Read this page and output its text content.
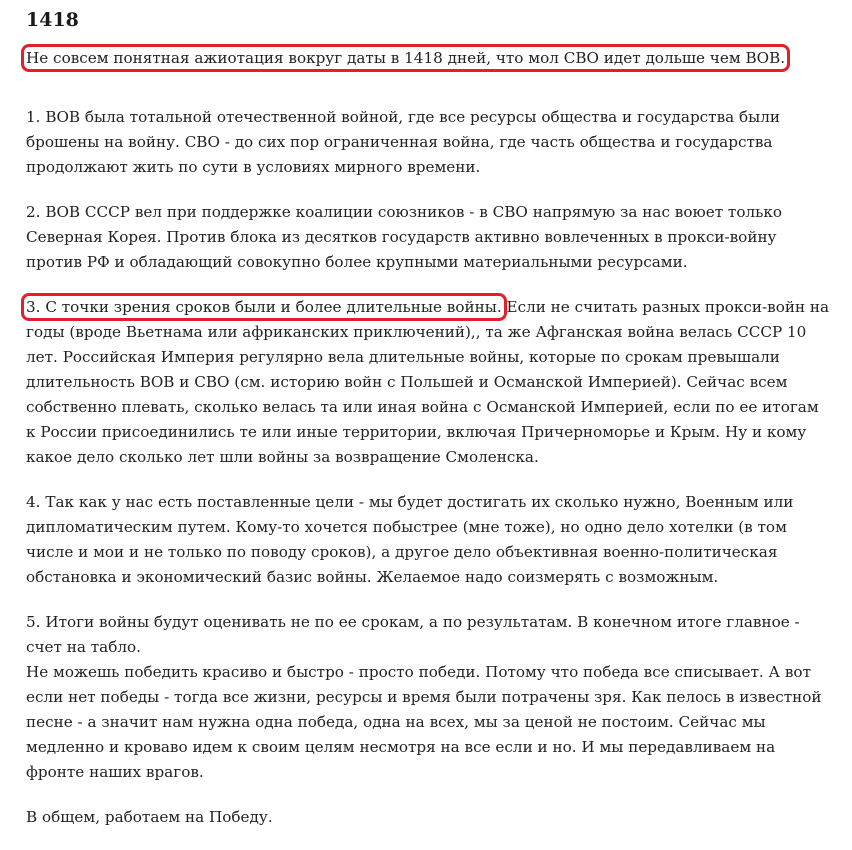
1418

Не совсем понятная ажиотация вокруг даты в 1418 дней, что мол СВО идет дольше чем ВОВ.

1. ВОВ была тотальной отечественной войной, где все ресурсы общества и государства были брошены на войну. СВО - до сих пор ограниченная война, где часть общества и государства продолжают жить по сути в условиях мирного времени.

2. ВОВ СССР вел при поддержке коалиции союзников - в СВО напрямую за нас воюет только Северная Корея. Против блока из десятков государств активно вовлеченных в прокси-войну против РФ и обладающий совокупно более крупными материальными ресурсами.

3. С точки зрения сроков были и более длительные войны. Если не считать разных прокси-войн на годы (вроде Вьетнама или африканских приключений),, та же Афганская война велась СССР 10 лет. Российская Империя регулярно вела длительные войны, которые по срокам превышали длительность ВОВ и СВО (см. историю войн с Польшей и Османской Империей). Сейчас всем собственно плевать, сколько велась та или иная война с Османской Империей, если по ее итогам к России присоединились те или иные территории, включая Причерноморье и Крым. Ну и кому какое дело сколько лет шли войны за возвращение Смоленска.

4. Так как у нас есть поставленные цели - мы будет достигать их сколько нужно, Военным или дипломатическим путем. Кому-то хочется побыстрее (мне тоже), но одно дело хотелки (в том числе и мои и не только по поводу сроков), а другое дело объективная военно-политическая обстановка и экономический базис войны. Желаемое надо соизмерять с возможным.

5. Итоги войны будут оценивать не по ее срокам, а по результатам. В конечном итоге главное - счет на табло.

Не можешь победить красиво и быстро - просто победи. Потому что победа все списывает. А вот если нет победы - тогда все жизни, ресурсы и время были потрачены зря. Как пелось в известной песне - а значит нам нужна одна победа, одна на всех, мы за ценой не постоим. Сейчас мы медленно и кроваво идем к своим целям несмотря на все если и но. И мы передавливаем на фронте наших врагов.

В общем, работаем на Победу.
